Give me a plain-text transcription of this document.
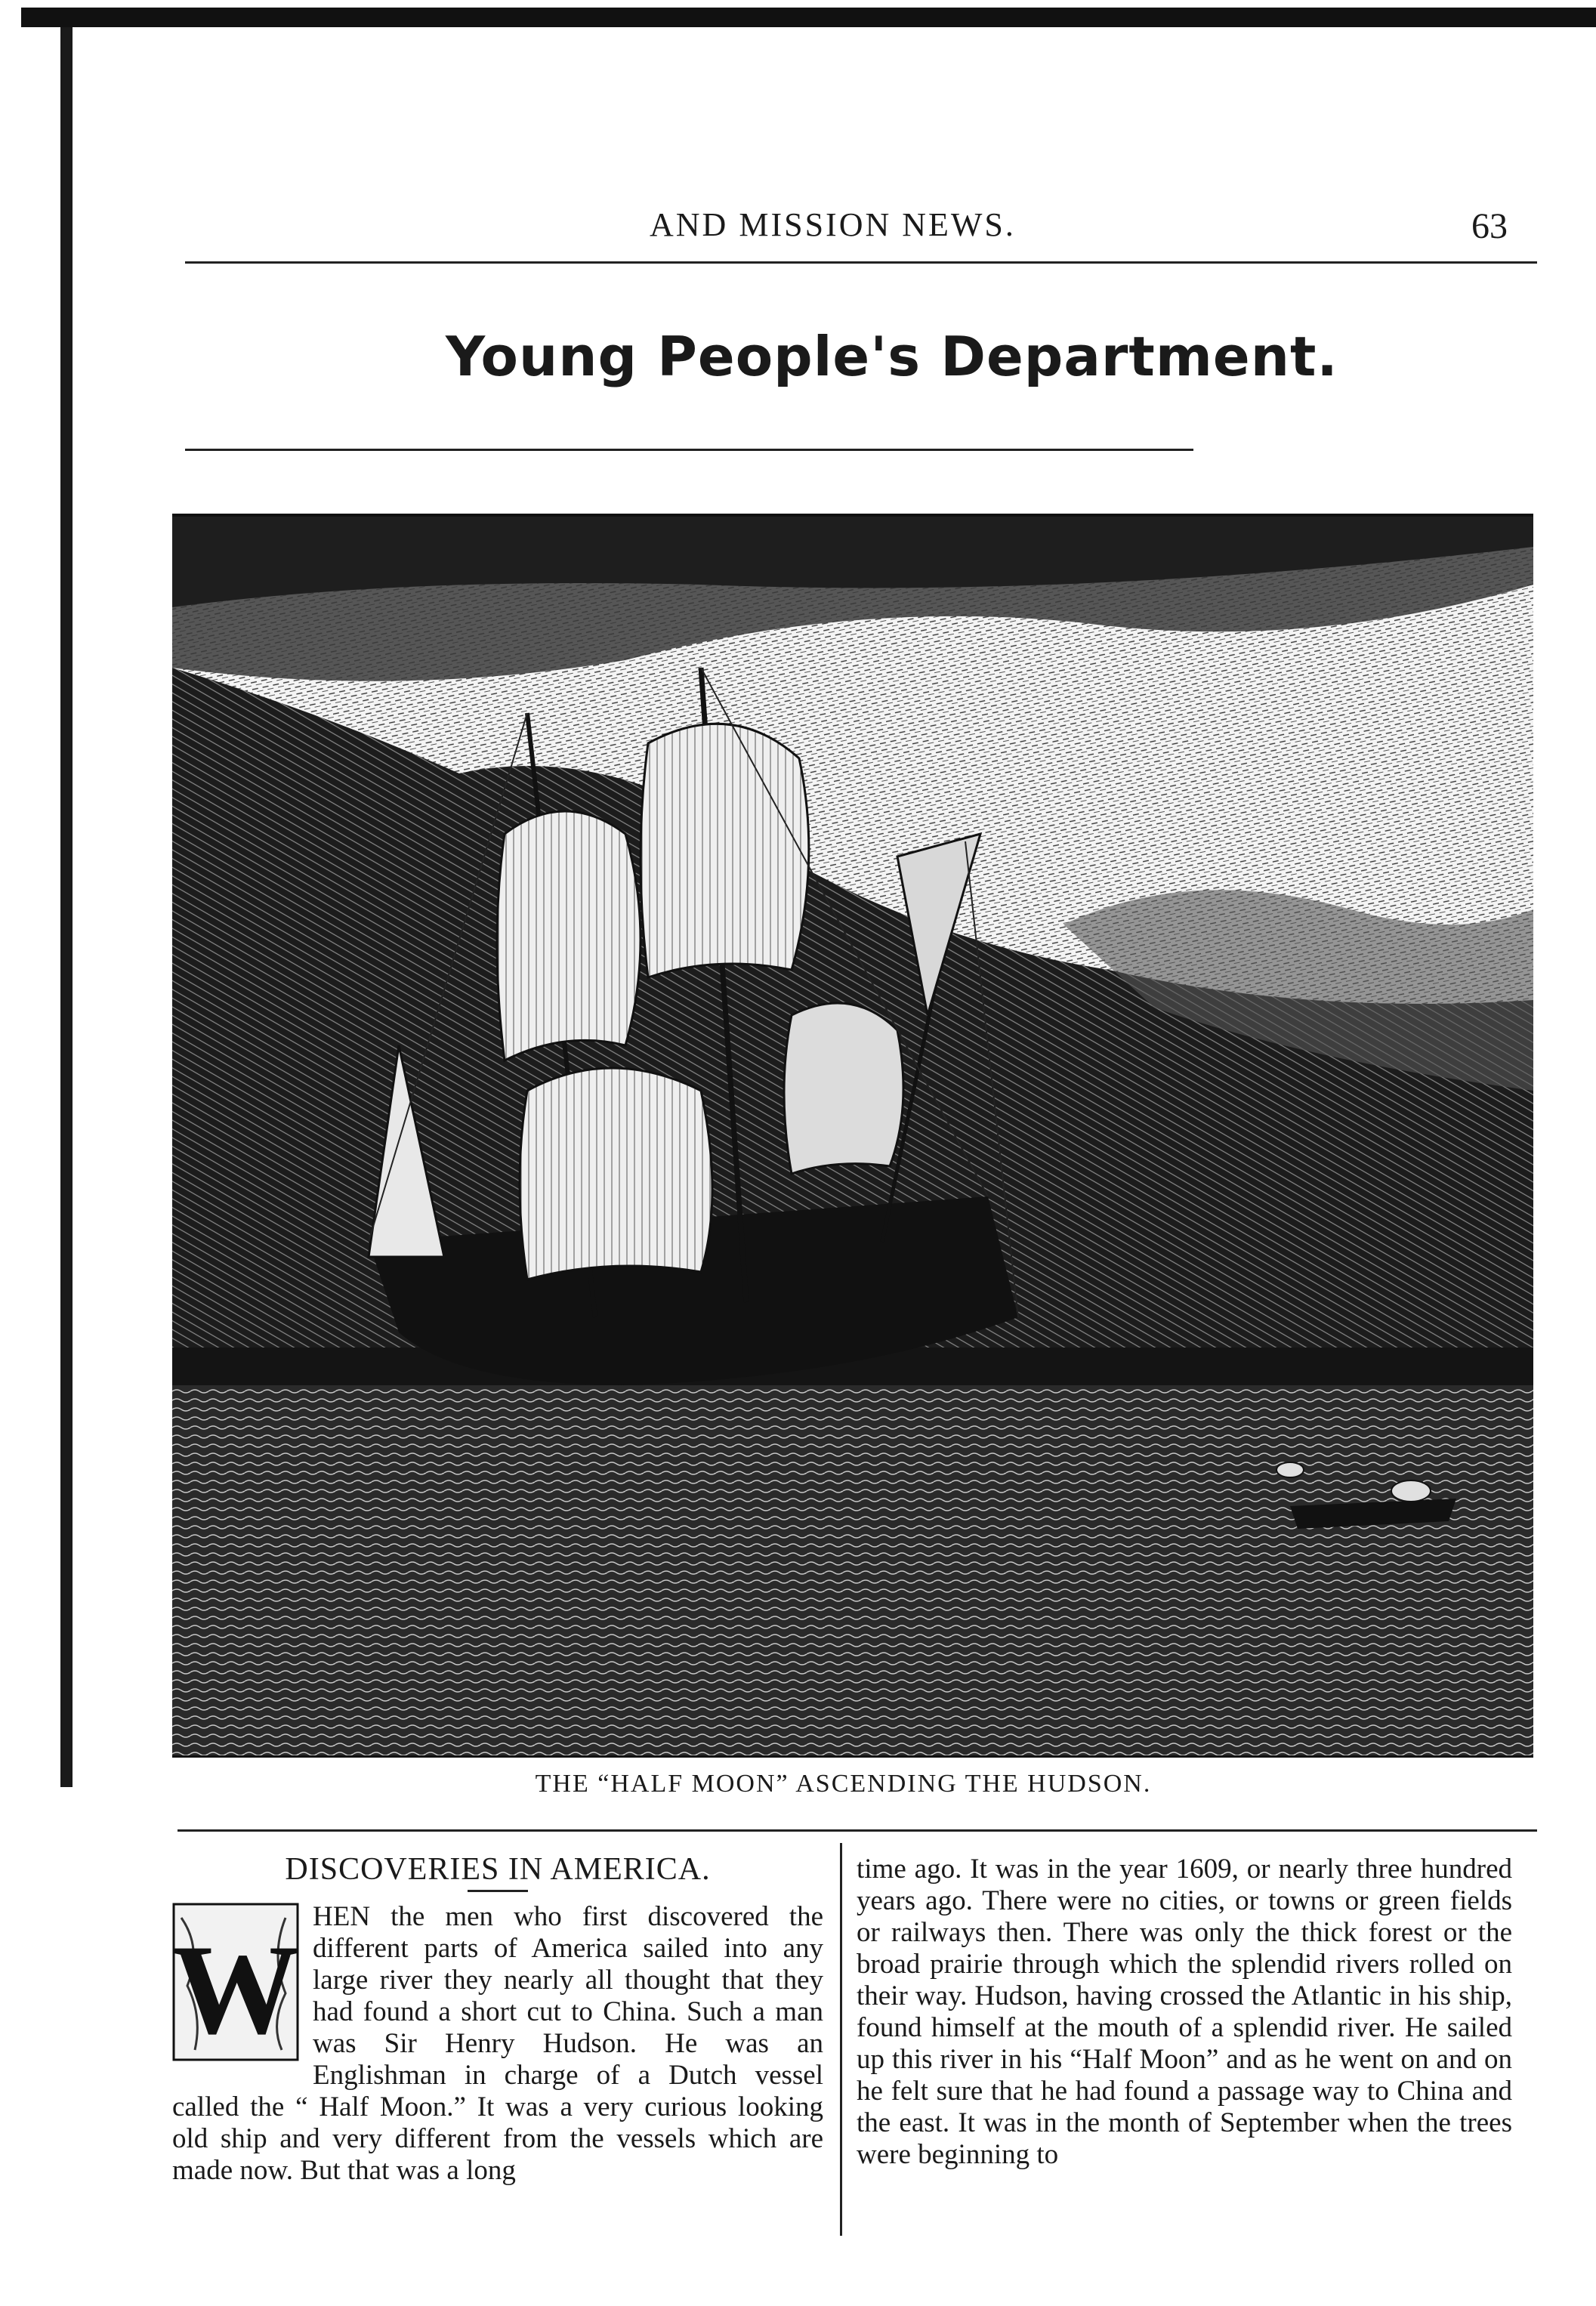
AND MISSION NEWS.	63
Young People's Department.
THE “HALF MOON” ASCENDING THE HUDSON.
DISCOVERIES IN AMERICA.
W

HEN the men who first discovered the different parts of America sailed into any large river they nearly all thought that they had found a short cut to China. Such a man was Sir Henry Hudson. He was an Englishman in charge of a Dutch vessel called the “ Half Moon.” It was a very curious looking old ship and very different from the vessels which are made now. But that was a long

time ago. It was in the year 1609, or nearly three hundred years ago. There were no cities, or towns or green fields or railways then. There was only the thick forest or the broad prairie through which the splendid rivers rolled on their way. Hudson, having crossed the Atlantic in his ship, found himself at the mouth of a splendid river. He sailed up this river in his “Half Moon” and as he went on and on he felt sure that he had found a passage way to China and the east. It was in the month of September when the trees were beginning to
